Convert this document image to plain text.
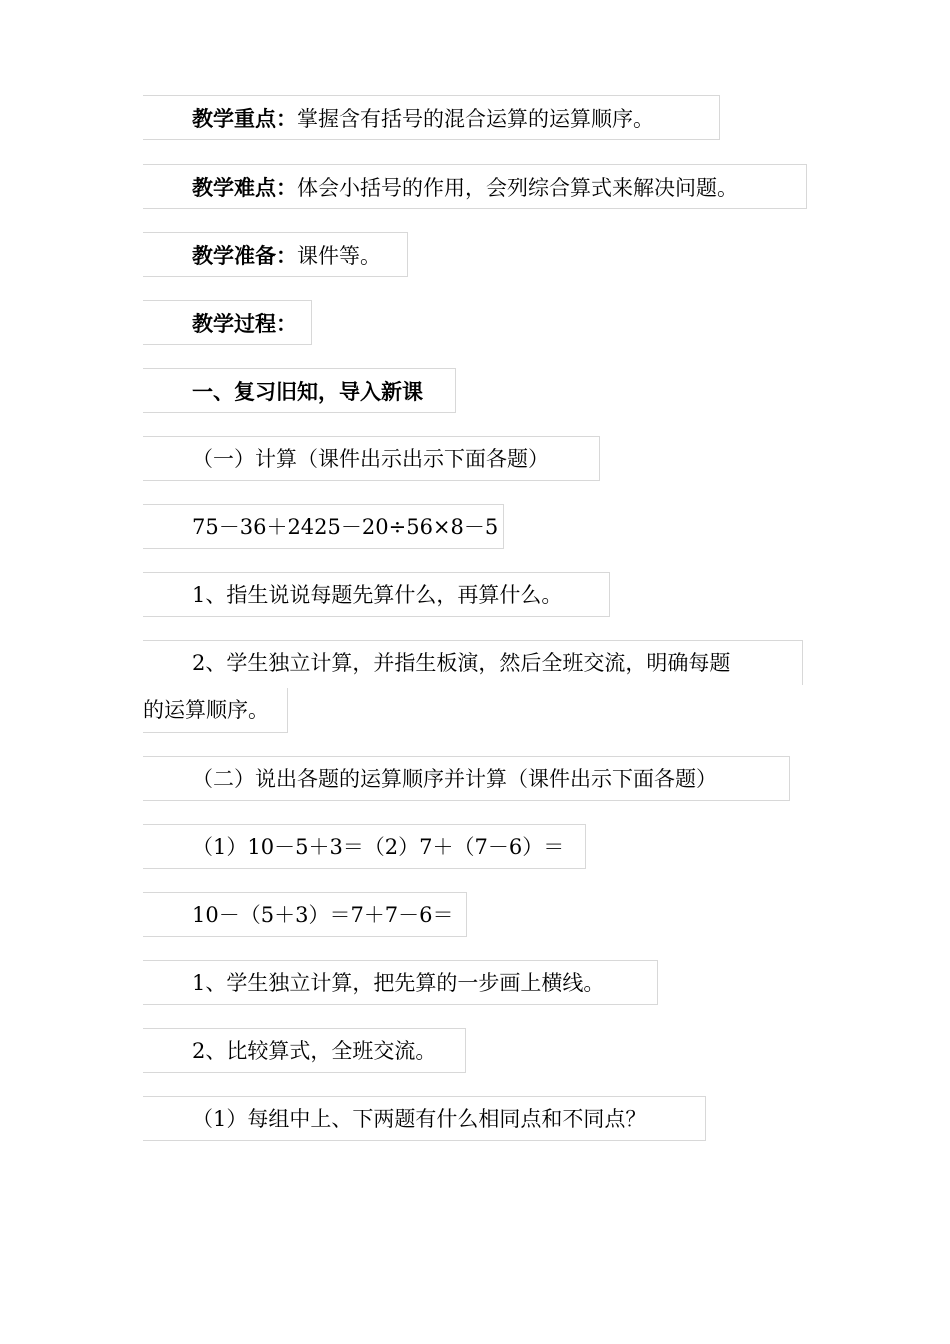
教学重点：掌握含有括号的混合运算的运算顺序。
教学难点：体会小括号的作用，会列综合算式来解决问题。
教学准备：课件等。
教学过程：
一、复习旧知，导入新课
（一）计算（课件出示出示下面各题）
75－36＋2425－20÷56×8－5
1、指生说说每题先算什么，再算什么。
2、学生独立计算，并指生板演，然后全班交流，明确每题
的运算顺序。
（二）说出各题的运算顺序并计算（课件出示下面各题）
（1）10－5＋3＝（2）7＋（7－6）＝
10－（5＋3）＝7＋7－6＝
1、学生独立计算，把先算的一步画上横线。
2、比较算式，全班交流。
（1）每组中上、下两题有什么相同点和不同点？
